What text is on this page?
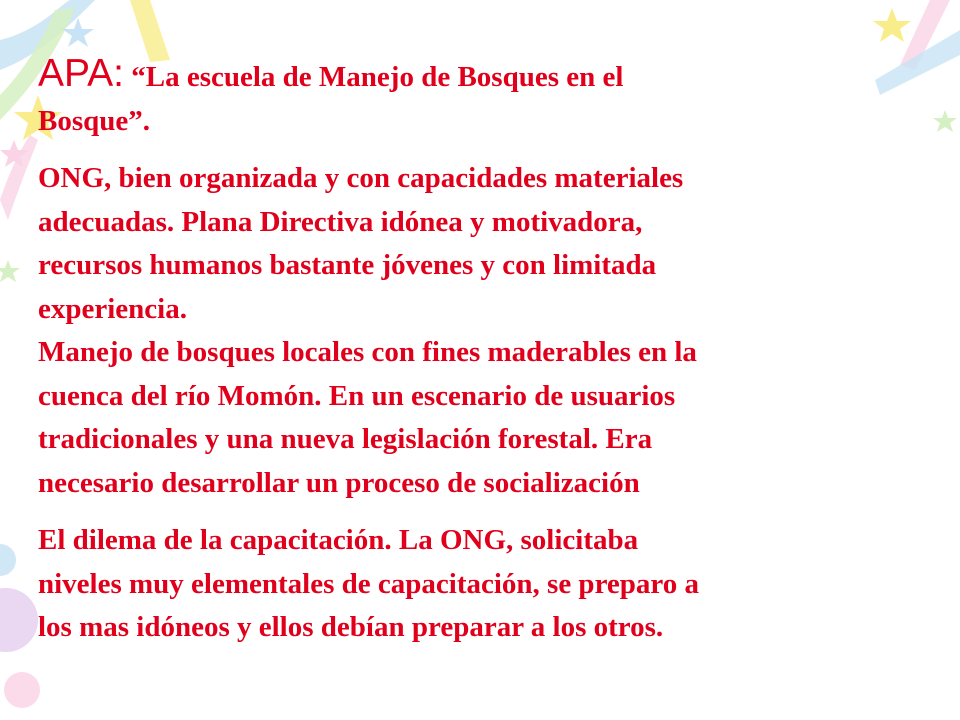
APA: “La escuela de Manejo de Bosques en el
Bosque”.
ONG, bien organizada y con capacidades materiales
adecuadas. Plana Directiva idónea y motivadora,
recursos humanos bastante jóvenes y con limitada
experiencia.
Manejo de bosques locales con fines maderables en la
cuenca del río Momón. En un escenario de usuarios
tradicionales y una nueva legislación forestal. Era
necesario desarrollar un proceso de socialización
El dilema de la capacitación. La ONG, solicitaba
niveles muy elementales de capacitación, se preparo a
los mas idóneos y ellos debían preparar a los otros.
